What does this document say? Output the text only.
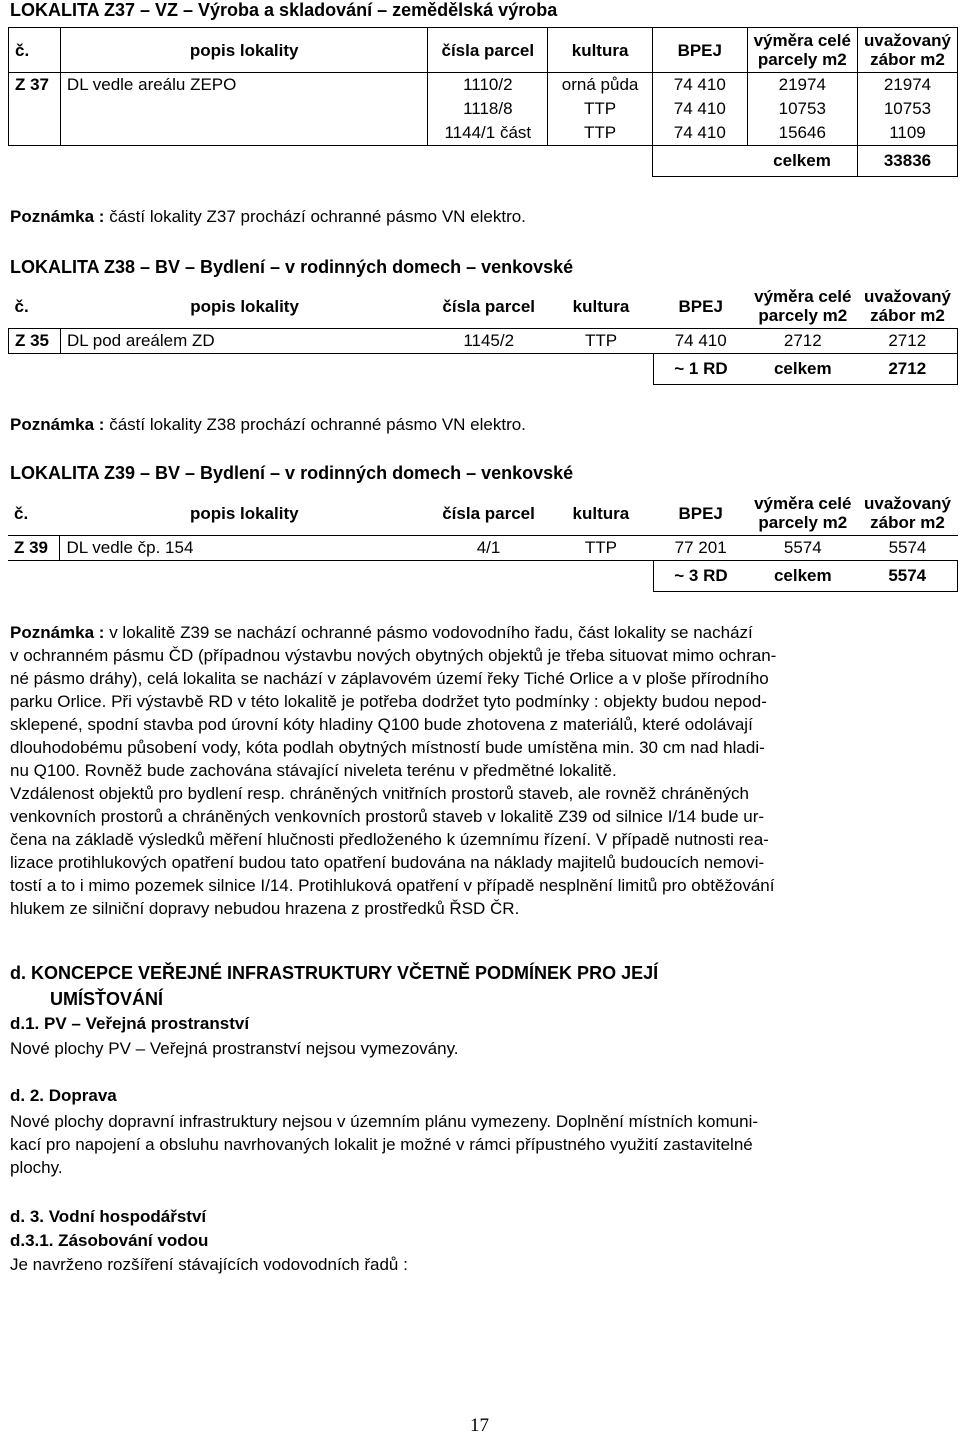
LOKALITA Z37 – VZ – Výroba a skladování – zemědělská výroba
č.	popis lokality	čísla parcel	kultura	BPEJ	výměra celé
parcely m2	uvažovaný
zábor m2
Z 37	DL vedle areálu ZEPO	1110/2	orná půda	74 410	21974	21974
		1118/8	TTP	74 410	10753	10753
		1144/1 část	TTP	74 410	15646	1109
					celkem	33836
Poznámka : částí lokality Z37 prochází ochranné pásmo VN elektro.
LOKALITA Z38 – BV – Bydlení – v rodinných domech – venkovské
č.	popis lokality	čísla parcel	kultura	BPEJ	výměra celé
parcely m2	uvažovaný
zábor m2
Z 35	DL pod areálem ZD	1145/2	TTP	74 410	2712	2712
				~ 1 RD	celkem	2712
Poznámka : částí lokality Z38 prochází ochranné pásmo VN elektro.
LOKALITA Z39 – BV – Bydlení – v rodinných domech – venkovské
č.	popis lokality	čísla parcel	kultura	BPEJ	výměra celé
parcely m2	uvažovaný
zábor m2
Z 39	DL vedle čp. 154	4/1	TTP	77 201	5574	5574
				~ 3 RD	celkem	5574
Poznámka : v lokalitě Z39 se nachází ochranné pásmo vodovodního řadu, část lokality se nachází
v ochranném pásmu ČD (případnou výstavbu nových obytných objektů je třeba situovat mimo ochran-
né pásmo dráhy), celá lokalita se nachází v záplavovém území řeky Tiché Orlice a v ploše přírodního
parku Orlice. Při výstavbě RD v této lokalitě je potřeba dodržet tyto podmínky : objekty budou nepod-
sklepené, spodní stavba pod úrovní kóty hladiny Q100 bude zhotovena z materiálů, které odolávají
dlouhodobému působení vody, kóta podlah obytných místností bude umístěna min. 30 cm nad hladi-
nu Q100. Rovněž bude zachována stávající niveleta terénu v předmětné lokalitě.
Vzdálenost objektů pro bydlení resp. chráněných vnitřních prostorů staveb, ale rovněž chráněných
venkovních prostorů a chráněných venkovních prostorů staveb v lokalitě Z39 od silnice I/14 bude ur-
čena na základě výsledků měření hlučnosti předloženého k územnímu řízení. V případě nutnosti rea-
lizace protihlukových opatření budou tato opatření budována na náklady majitelů budoucích nemovi-
tostí a to i mimo pozemek silnice I/14. Protihluková opatření v případě nesplnění limitů pro obtěžování
hlukem ze silniční dopravy nebudou hrazena z prostředků ŘSD ČR.
d. KONCEPCE VEŘEJNÉ INFRASTRUKTURY VČETNĚ PODMÍNEK PRO JEJÍ
UMÍSŤOVÁNÍ
d.1. PV – Veřejná prostranství
Nové plochy PV – Veřejná prostranství nejsou vymezovány.
d. 2. Doprava
Nové plochy dopravní infrastruktury nejsou v územním plánu vymezeny. Doplnění místních komuni-
kací pro napojení a obsluhu navrhovaných lokalit je možné v rámci přípustného využití zastavitelné
plochy.
d. 3. Vodní hospodářství
d.3.1. Zásobování vodou
Je navrženo rozšíření stávajících vodovodních řadů :
17
